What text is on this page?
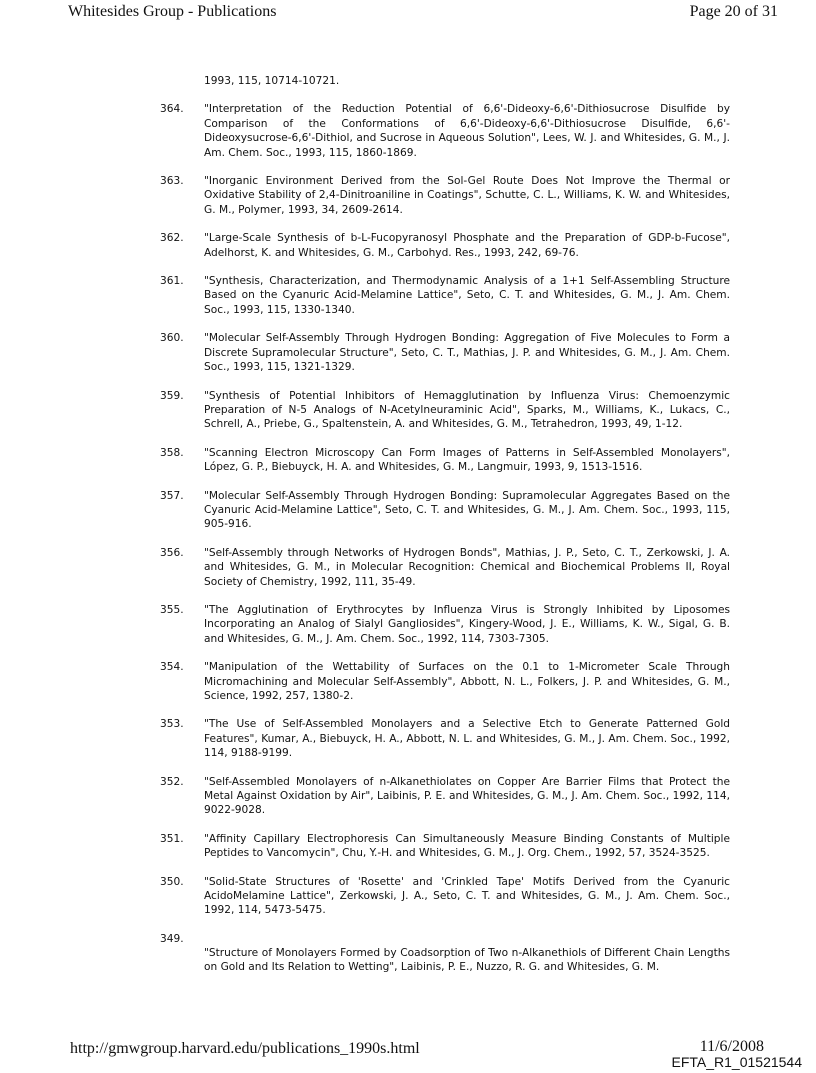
Whitesides Group - Publications	Page 20 of 31
1993, 115, 10714-10721.
364. "Interpretation of the Reduction Potential of 6,6'-Dideoxy-6,6'-Dithiosucrose Disulfide by Comparison of the Conformations of 6,6'-Dideoxy-6,6'-Dithiosucrose Disulfide, 6,6'-Dideoxysucrose-6,6'-Dithiol, and Sucrose in Aqueous Solution", Lees, W. J. and Whitesides, G. M., J. Am. Chem. Soc., 1993, 115, 1860-1869.
363. "Inorganic Environment Derived from the Sol-Gel Route Does Not Improve the Thermal or Oxidative Stability of 2,4-Dinitroaniline in Coatings", Schutte, C. L., Williams, K. W. and Whitesides, G. M., Polymer, 1993, 34, 2609-2614.
362. "Large-Scale Synthesis of b-L-Fucopyranosyl Phosphate and the Preparation of GDP-b-Fucose", Adelhorst, K. and Whitesides, G. M., Carbohyd. Res., 1993, 242, 69-76.
361. "Synthesis, Characterization, and Thermodynamic Analysis of a 1+1 Self-Assembling Structure Based on the Cyanuric Acid-Melamine Lattice", Seto, C. T. and Whitesides, G. M., J. Am. Chem. Soc., 1993, 115, 1330-1340.
360. "Molecular Self-Assembly Through Hydrogen Bonding: Aggregation of Five Molecules to Form a Discrete Supramolecular Structure", Seto, C. T., Mathias, J. P. and Whitesides, G. M., J. Am. Chem. Soc., 1993, 115, 1321-1329.
359. "Synthesis of Potential Inhibitors of Hemagglutination by Influenza Virus: Chemoenzymic Preparation of N-5 Analogs of N-Acetylneuraminic Acid", Sparks, M., Williams, K., Lukacs, C., Schrell, A., Priebe, G., Spaltenstein, A. and Whitesides, G. M., Tetrahedron, 1993, 49, 1-12.
358. "Scanning Electron Microscopy Can Form Images of Patterns in Self-Assembled Monolayers", López, G. P., Biebuyck, H. A. and Whitesides, G. M., Langmuir, 1993, 9, 1513-1516.
357. "Molecular Self-Assembly Through Hydrogen Bonding: Supramolecular Aggregates Based on the Cyanuric Acid-Melamine Lattice", Seto, C. T. and Whitesides, G. M., J. Am. Chem. Soc., 1993, 115, 905-916.
356. "Self-Assembly through Networks of Hydrogen Bonds", Mathias, J. P., Seto, C. T., Zerkowski, J. A. and Whitesides, G. M., in Molecular Recognition: Chemical and Biochemical Problems II, Royal Society of Chemistry, 1992, 111, 35-49.
355. "The Agglutination of Erythrocytes by Influenza Virus is Strongly Inhibited by Liposomes Incorporating an Analog of Sialyl Gangliosides", Kingery-Wood, J. E., Williams, K. W., Sigal, G. B. and Whitesides, G. M., J. Am. Chem. Soc., 1992, 114, 7303-7305.
354. "Manipulation of the Wettability of Surfaces on the 0.1 to 1-Micrometer Scale Through Micromachining and Molecular Self-Assembly", Abbott, N. L., Folkers, J. P. and Whitesides, G. M., Science, 1992, 257, 1380-2.
353. "The Use of Self-Assembled Monolayers and a Selective Etch to Generate Patterned Gold Features", Kumar, A., Biebuyck, H. A., Abbott, N. L. and Whitesides, G. M., J. Am. Chem. Soc., 1992, 114, 9188-9199.
352. "Self-Assembled Monolayers of n-Alkanethiolates on Copper Are Barrier Films that Protect the Metal Against Oxidation by Air", Laibinis, P. E. and Whitesides, G. M., J. Am. Chem. Soc., 1992, 114, 9022-9028.
351. "Affinity Capillary Electrophoresis Can Simultaneously Measure Binding Constants of Multiple Peptides to Vancomycin", Chu, Y.-H. and Whitesides, G. M., J. Org. Chem., 1992, 57, 3524-3525.
350. "Solid-State Structures of 'Rosette' and 'Crinkled Tape' Motifs Derived from the Cyanuric AcidoMelamine Lattice", Zerkowski, J. A., Seto, C. T. and Whitesides, G. M., J. Am. Chem. Soc., 1992, 114, 5473-5475.
349.
"Structure of Monolayers Formed by Coadsorption of Two n-Alkanethiols of Different Chain Lengths on Gold and Its Relation to Wetting", Laibinis, P. E., Nuzzo, R. G. and Whitesides, G. M.
http://gmwgroup.harvard.edu/publications_1990s.html	11/6/2008
EFTA_R1_01521544
